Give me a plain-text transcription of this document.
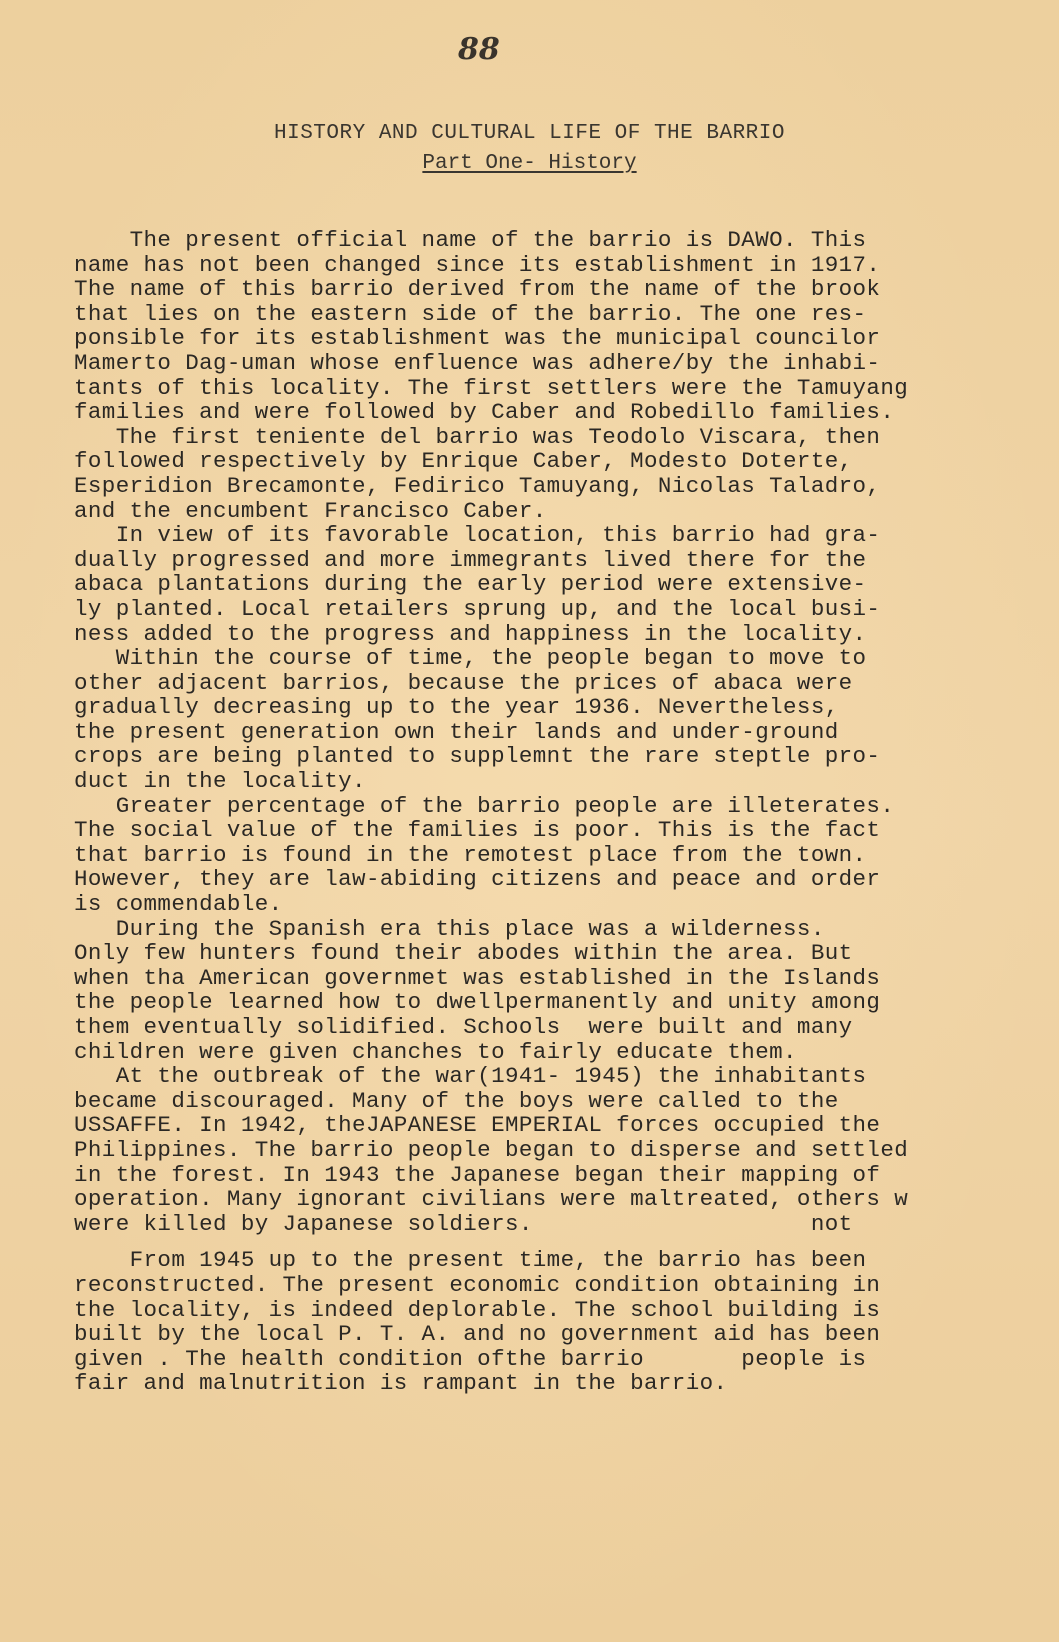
88
HISTORY AND CULTURAL LIFE OF THE BARRIO
Part One- History
The present official name of the barrio is DAWO. This
name has not been changed since its establishment in 1917.
The name of this barrio derived from the name of the brook
that lies on the eastern side of the barrio. The one res-
ponsible for its establishment was the municipal councilor
Mamerto Dag-uman whose enfluence was adhere/by the inhabi-
tants of this locality. The first settlers were the Tamuyang
families and were followed by Caber and Robedillo families.
The first teniente del barrio was Teodolo Viscara, then
followed respectively by Enrique Caber, Modesto Doterte,
Esperidion Brecamonte, Fedirico Tamuyang, Nicolas Taladro,
and the encumbent Francisco Caber.
In view of its favorable location, this barrio had gra-
dually progressed and more immegrants lived there for the
abaca plantations during the early period were extensive-
ly planted. Local retailers sprung up, and the local busi-
ness added to the progress and happiness in the locality.
Within the course of time, the people began to move to
other adjacent barrios, because the prices of abaca were
gradually decreasing up to the year 1936. Nevertheless,
the present generation own their lands and under-ground
crops are being planted to supplemnt the rare steptle pro-
duct in the locality.
Greater percentage of the barrio people are illeterates.
The social value of the families is poor. This is the fact
that barrio is found in the remotest place from the town.
However, they are law-abiding citizens and peace and order
is commendable.
During the Spanish era this place was a wilderness.
Only few hunters found their abodes within the area. But
when tha American governmet was established in the Islands
the people learned how to dwellpermanently and unity among
them eventually solidified. Schools  were built and many
children were given chanches to fairly educate them.
At the outbreak of the war(1941- 1945) the inhabitants
became discouraged. Many of the boys were called to the
USSAFFE. In 1942, theJAPANESE EMPERIAL forces occupied the
Philippines. The barrio people began to disperse and settled
in the forest. In 1943 the Japanese began their mapping of
operation. Many ignorant civilians were maltreated, others w
were killed by Japanese soldiers.                    not
From 1945 up to the present time, the barrio has been
reconstructed. The present economic condition obtaining in
the locality, is indeed deplorable. The school building is
built by the local P. T. A. and no government aid has been
given . The health condition ofthe barrio       people is
fair and malnutrition is rampant in the barrio.
